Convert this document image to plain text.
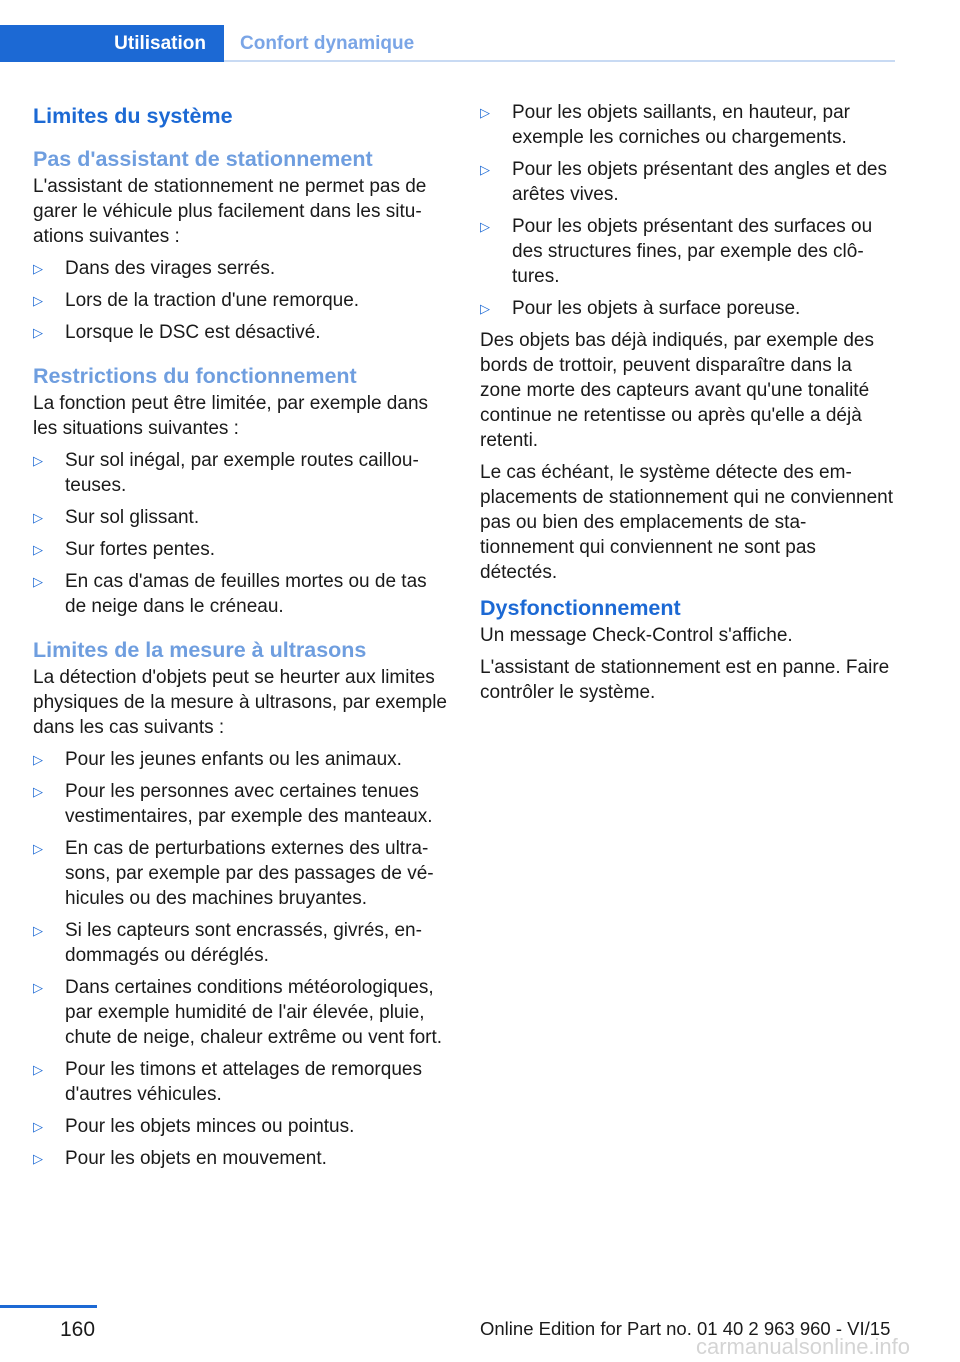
Utilisation	Confort dynamique
Limites du système
Pas d'assistant de stationnement

L'assistant de stationnement ne permet pas de garer le véhicule plus facilement dans les situations suivantes :

▷ Dans des virages serrés.
▷ Lors de la traction d'une remorque.
▷ Lorsque le DSC est désactivé.
Restrictions du fonctionnement

La fonction peut être limitée, par exemple dans les situations suivantes :

▷ Sur sol inégal, par exemple routes caillouteuses.
▷ Sur sol glissant.
▷ Sur fortes pentes.
▷ En cas d'amas de feuilles mortes ou de tas de neige dans le créneau.
Limites de la mesure à ultrasons

La détection d'objets peut se heurter aux limites physiques de la mesure à ultrasons, par exemple dans les cas suivants :

▷ Pour les jeunes enfants ou les animaux.
▷ Pour les personnes avec certaines tenues vestimentaires, par exemple des manteaux.
▷ En cas de perturbations externes des ultrasons, par exemple par des passages de véhicules ou des machines bruyantes.
▷ Si les capteurs sont encrassés, givrés, endommagés ou déréglés.
▷ Dans certaines conditions météorologiques, par exemple humidité de l'air élevée, pluie, chute de neige, chaleur extrême ou vent fort.
▷ Pour les timons et attelages de remorques d'autres véhicules.
▷ Pour les objets minces ou pointus.
▷ Pour les objets en mouvement.
▷ Pour les objets saillants, en hauteur, par exemple les corniches ou chargements.
▷ Pour les objets présentant des angles et des arêtes vives.
▷ Pour les objets présentant des surfaces ou des structures fines, par exemple des clôtures.
▷ Pour les objets à surface poreuse.

Des objets bas déjà indiqués, par exemple des bords de trottoir, peuvent disparaître dans la zone morte des capteurs avant qu'une tonalité continue ne retentisse ou après qu'elle a déjà retenti.

Le cas échéant, le système détecte des emplacements de stationnement qui ne conviennent pas ou bien des emplacements de stationnement qui conviennent ne sont pas détectés.

Dysfonctionnement

Un message Check-Control s'affiche.

L'assistant de stationnement est en panne. Faire contrôler le système.

160	Online Edition for Part no. 01 40 2 963 960 - VI/15
carmanualsonline.info
